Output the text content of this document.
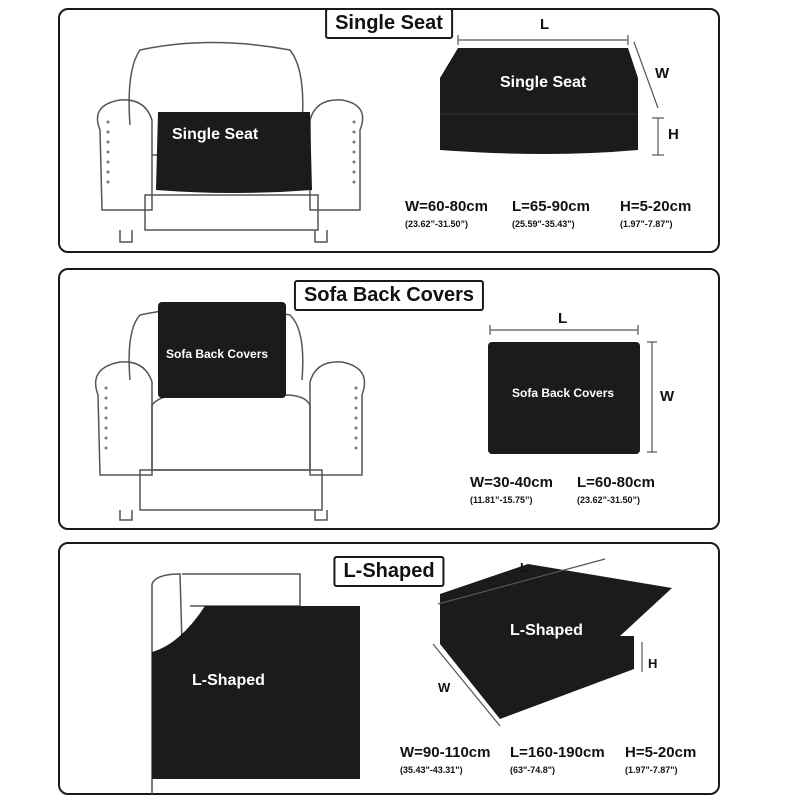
Single Seat
Single Seat
Single Seat
L
W
H
W=60-80cm
(23.62”-31.50”)
L=65-90cm
(25.59"-35.43")
H=5-20cm
(1.97"-7.87")
Sofa Back Covers
Sofa Back Covers
Sofa Back Covers
L
W
W=30-40cm
(11.81”-15.75”)
L=60-80cm
(23.62”-31.50”)
L-Shaped
L-Shaped
L-Shaped
L
W
H
W=90-110cm
(35.43"-43.31")
L=160-190cm
(63"-74.8")
H=5-20cm
(1.97"-7.87")
